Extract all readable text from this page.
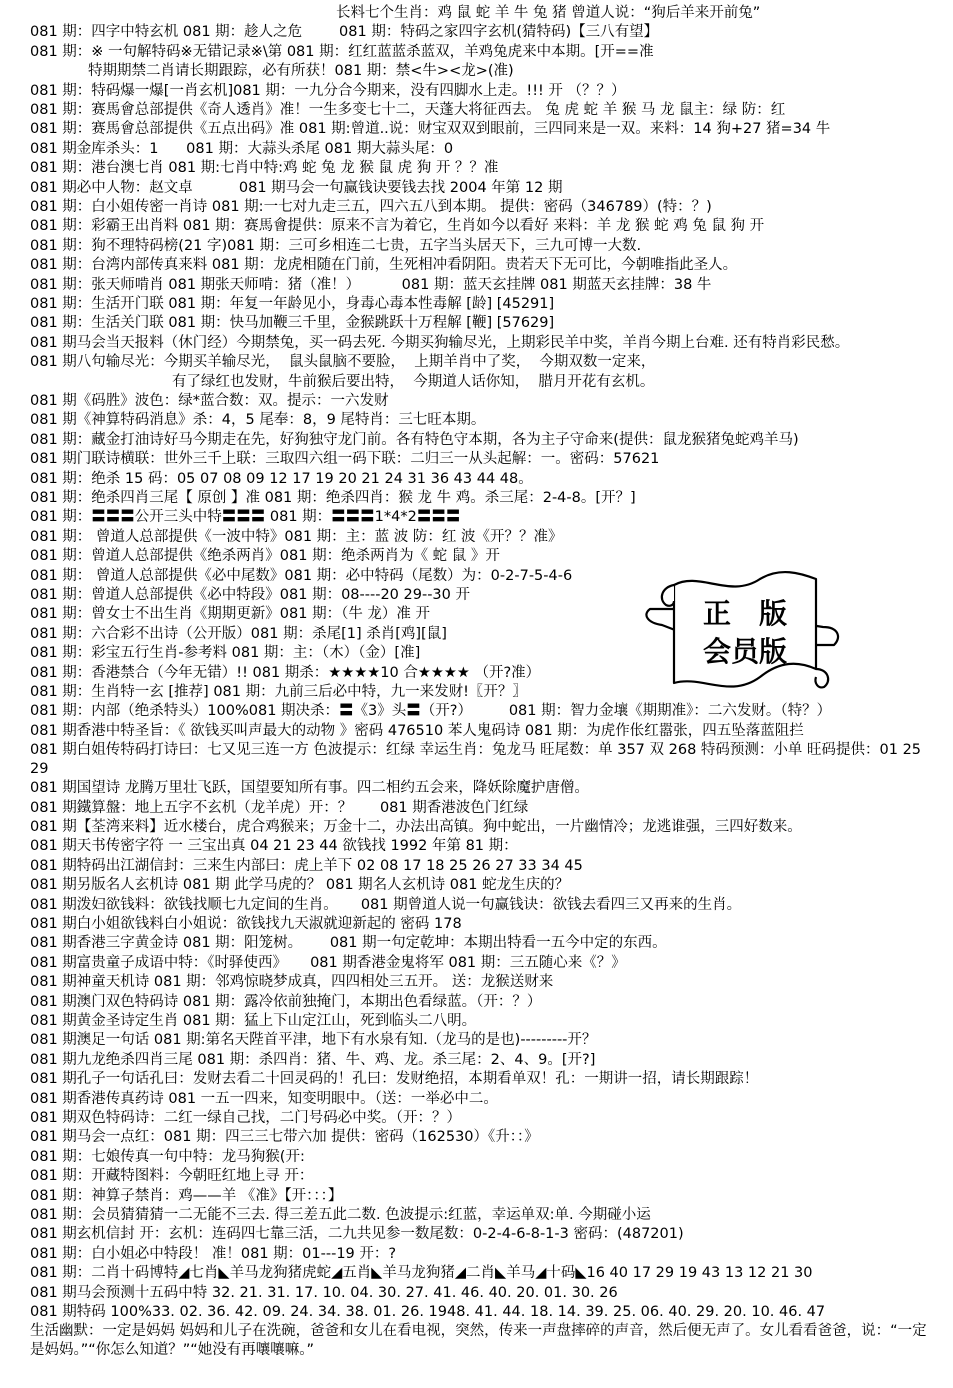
长料七个生肖：鸡 鼠 蛇 羊 牛 兔 猪 曾道人说：“狗后羊来开前兔”
081 期：四字中特玄机 081 期：趁人之危        081 期：特码之家四字玄机(猜特码)【三八有望】
081 期：※ 一句解特码※无错记录※\第 081 期：红红蓝蓝杀蓝双，羊鸡兔虎来中本期。[开==准
特期期禁二肖请长期跟踪，必有所获！081 期：禁<牛><龙>(准)
081 期：特码爆一爆[一肖玄机]081 期：一九分合今期来，没有四脚水上走。!!! 开 （？？）
081 期：赛馬會总部提供《奇人透肖》准！一生多变七十二，天蓬大将征西去。 兔 虎 蛇 羊 猴 马 龙 鼠主：绿 防：红
081 期：赛馬會总部提供《五点出码》准 081 期:曾道..说：财宝双双到眼前，三四同来是一双。来料：14 狗+27 猪=34 牛
081 期金库杀头：1      081 期：大蒜头杀尾 081 期大蒜头尾：0
081 期：港台澳七肖 081 期:七肖中特:鸡 蛇 兔 龙 猴 鼠 虎 狗 开 ？？准
081 期必中人物：赵文卓          081 期马会一句赢钱诀要钱去找 2004 年第 12 期
081 期：白小姐传密一肖诗 081 期:一七对九走三五，四六五八到本期。 提供：密码（346789）(特：？)
081 期：彩霸王出肖料 081 期：赛馬會提供：原来不言为着它，生肖如今以看好 来料：羊 龙 猴 蛇 鸡 兔 鼠 狗 开
081 期：狗不理特码榜(21 字)081 期：三可乡相连二七贵，五字当头居天下，三九可博一大数.
081 期：台湾内部传真来料 081 期：龙虎相随在门前，生死相冲看阴阳。贵若天下无可比，今朝唯指此圣人。
081 期：张天师啃肖 081 期张天师啃：猪（准！）         081 期：蓝天玄挂牌 081 期蓝天玄挂牌：38 牛
081 期：生活开门联 081 期：年复一年龄见小，身毒心毒本性毒解 [龄] [45291]
081 期：生活关门联 081 期：快马加鞭三千里，金猴跳跃十万程解 [鞭] [57629]
081 期马会当天报料（休门经）今期禁兔，买一码去死. 今期买狗输尽光，上期彩民羊中奖，羊肖今期上台难. 还有特肖彩民愁。
081 期八句输尽光：今期买羊输尽光，  鼠头鼠脑不要脸，  上期羊肖中了奖，  今期双数一定来，
有了绿红也发财，牛前猴后要出特，  今期道人话你知，  腊月开花有玄机。
081 期《码胜》波色：绿*蓝合数：双。提示：一六发财
081 期《神算特码消息》杀：4，5 尾奉：8，9 尾特肖：三七旺本期。
081 期：藏金打油诗好马今期走在先，好狗独守龙门前。各有特色守本期，各为主子守命来(提供：鼠龙猴猪兔蛇鸡羊马)
081 期门联诗横联：世外三千上联：三取四六组一码下联：二归三一从头起解：一。密码：57621
081 期：绝杀 15 码：05 07 08 09 12 17 19 20 21 24 31 36 43 44 48。
081 期：绝杀四肖三尾【 原创 】准 081 期：绝杀四肖：猴 龙 牛 鸡。杀三尾：2-4-8。[开？]
081 期：〓〓〓公开三头中特〓〓〓 081 期：〓〓〓1*4*2〓〓〓
081 期： 曾道人总部提供《一波中特》081 期：主：蓝 波 防：红 波《开？？准》
081 期：曾道人总部提供《绝杀两肖》081 期：绝杀两肖为《 蛇 鼠 》开
081 期： 曾道人总部提供《必中尾数》081 期：必中特码（尾数）为：0-2-7-5-4-6
081 期：曾道人总部提供《必中特段》081 期：08----20 29--30 开
081 期：曾女士不出生肖《期期更新》081 期：（牛 龙）准 开
081 期：六合彩不出诗（公开版）081 期：杀尾[1] 杀肖[鸡][鼠]
081 期：彩宝五行生肖-参考料 081 期：主：（木）（金）[准]
081 期：香港禁合（今年无错）!! 081 期杀：★★★★10 合★★★★ （开?准）
081 期：生肖特一玄 [推荐] 081 期：九前三后必中特，九一来发财!〖开？〗
081 期：内部（绝杀特头）100%081 期决杀：〓《3》头〓（开?）        081 期：智力金壤《期期准》：二六发财。（特？）
081 期香港中特圣旨：《 欲钱买叫声最大的动物 》密码 476510 苯人鬼码诗 081 期：为虎作伥红嚣张，四五坠落蓝阻拦
081 期白姐传特码打诗曰：七又见三连一方 色波提示：红绿 幸运生肖：兔龙马 旺尾数：单 357 双 268 特码预测：小单 旺码提供：01 25 29
081 期国望诗 龙腾万里壮飞跃，国望要知所有事。四二相约五会来，降妖除魔护唐僧。
081 期鐵算盤：地上五字不玄机（龙羊虎）开：？      081 期香港波色门红绿
081 期【荃湾来料】近水楼台，虎合鸡猴来；万金十二，办法出高镇。狗中蛇出，一片幽情冷；龙逃谁强，三四好数来。
081 期天书传密字符 一 三宝出真 04 21 23 44 欲钱找 1992 年第 81 期：
081 期特码出江湖信封：三来生内部曰：虎上羊下 02 08 17 18 25 26 27 33 34 45
081 期另版名人玄机诗 081 期 此学马虎的？ 081 期名人玄机诗 081 蛇龙生庆的？
081 期泼妇欲钱料：欲钱找顺七九定间的生肖。     081 期曾道人说一句赢钱诀：欲钱去看四三又再来的生肖。
081 期白小姐欲钱料白小姐说：欲钱找九天淑就迎新起的 密码 178
081 期香港三字黄金诗 081 期：阳笼树。      081 期一句定乾坤：本期出特看一五今中定的东西。
081 期富贵童子成语中特：《时驿使西》     081 期香港金鬼将军 081 期：三五随心来《？》
081 期神童天机诗 081 期：邻鸡惊晓梦成真，四四相处三五开。 送：龙猴送财来
081 期澳门双色特码诗 081 期：露冷依前独掩门，本期出色看绿蓝。（开：？）
081 期黄金圣诗定生肖 081 期：猛上下山定江山，死到临头二八明。
081 期澳足一句话 081 期:第名天陛首平津，地下有水泉有知.（龙马的是也)---------开？
081 期九龙绝杀四肖三尾 081 期：杀四肖：猪、牛、鸡、龙。杀三尾：2、4、9。[开?]
081 期孔子一句话孔曰：发财去看二十回灵码的！孔曰：发财绝招，本期看单双！孔：一期讲一招，请长期跟踪！
081 期香港传真药诗 081 一五一四来，知变明眼中。（送：一举必中二。
081 期双色特码诗：二红一绿自己找，二门号码必中奖。（开：？）
081 期马会一点红：081 期：四三三七带六加 提供：密码（162530）《升：：》
081 期：七娘传真一句中特：龙马狗猴(开:
081 期：开藏特图料：今朝旺红地上寻 开：
081 期：神算子禁肖：鸡——羊 《准》【开：：：】
081 期：会员猜猜猜一二无能不三去. 得三差五此二数. 色波提示:红蓝，幸运单双:单. 今期碰小运
081 期玄机信封 开：玄机：连码四七靠三活，二九共见参一数尾数：0-2-4-6-8-1-3 密码：(487201)
081 期：白小姐必中特段！ 准！081 期：01---19 开：?
081 期：二肖十码博特◢七肖◣羊马龙狗猪虎蛇◢五肖◣羊马龙狗猪◢二肖◣羊马◢十码◣16 40 17 29 19 43 13 12 21 30
081 期马会预测十五码中特 32. 21. 31. 17. 10. 04. 30. 27. 41. 46. 40. 20. 01. 30. 26
081 期特码 100%33. 02. 36. 42. 09. 24. 34. 38. 01. 26. 1948. 41. 44. 18. 14. 39. 25. 06. 40. 29. 20. 10. 46. 47
生活幽默：一定是妈妈 妈妈和儿子在洗碗，爸爸和女儿在看电视，突然，传来一声盘摔碎的声音，然后便无声了。女儿看看爸爸，说：“一定是妈妈。”“你怎么知道？”“她没有再嚷嚷嘛。”
正　版
会员版
